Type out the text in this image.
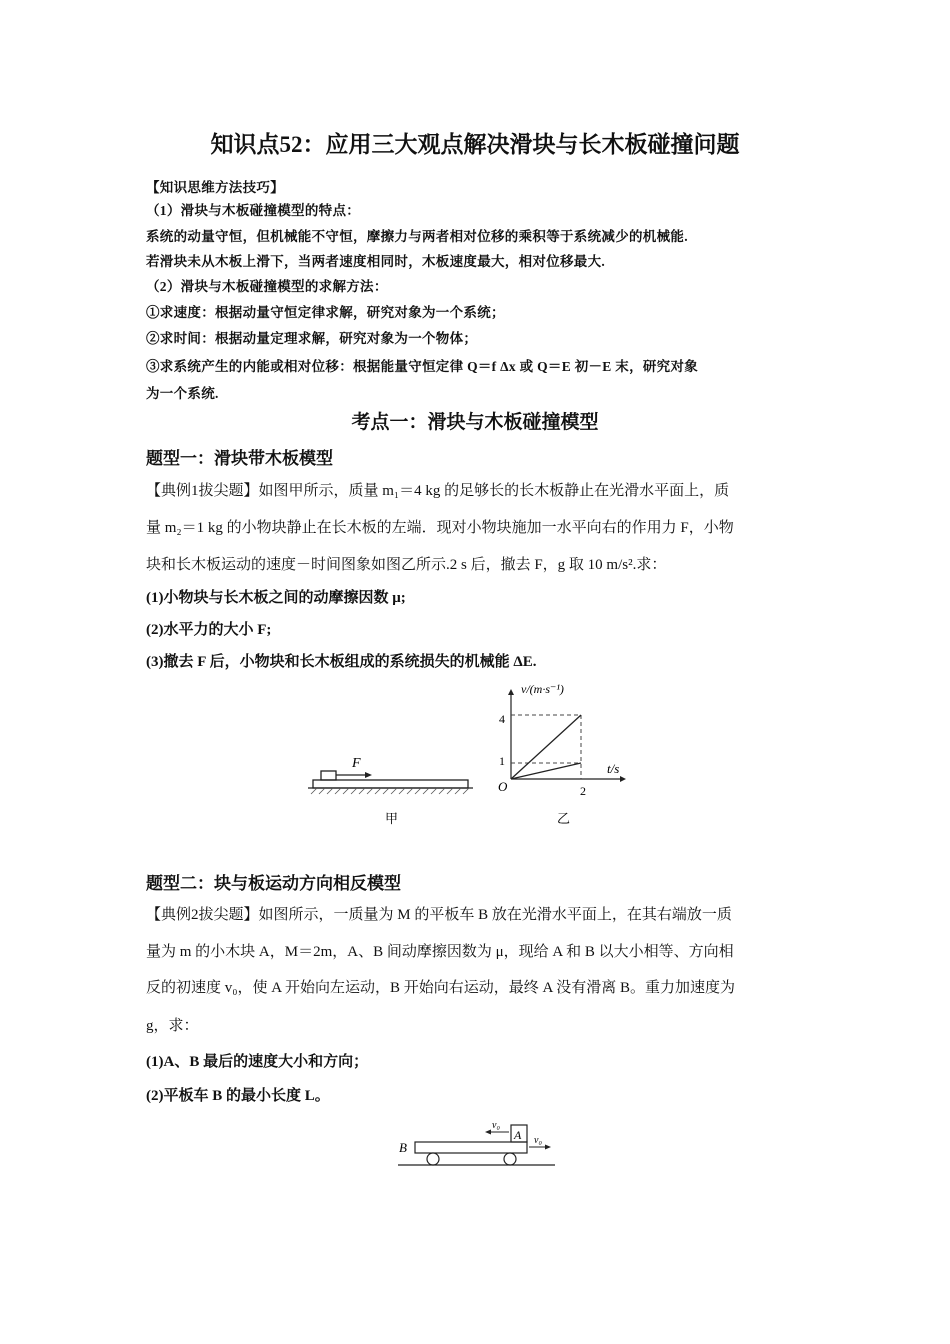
知识点52：应用三大观点解决滑块与长木板碰撞问题
【知识思维方法技巧】
（1）滑块与木板碰撞模型的特点：
系统的动量守恒，但机械能不守恒，摩擦力与两者相对位移的乘积等于系统减少的机械能.
若滑块未从木板上滑下，当两者速度相同时，木板速度最大，相对位移最大.
（2）滑块与木板碰撞模型的求解方法：
①求速度：根据动量守恒定律求解，研究对象为一个系统；
②求时间：根据动量定理求解，研究对象为一个物体；
③求系统产生的内能或相对位移：根据能量守恒定律 Q＝f Δx 或 Q＝E 初－E 末，研究对象
为一个系统.
考点一：滑块与木板碰撞模型
题型一：滑块带木板模型
【典例1拔尖题】如图甲所示，质量 m₁＝4 kg 的足够长的长木板静止在光滑水平面上，质
量 m₂＝1 kg 的小物块静止在长木板的左端．现对小物块施加一水平向右的作用力 F，小物
块和长木板运动的速度－时间图象如图乙所示.2 s 后，撤去 F，g 取 10 m/s².求：
(1)小物块与长木板之间的动摩擦因数 μ;
(2)水平力的大小 F;
(3)撤去 F 后，小物块和长木板组成的系统损失的机械能 ΔE.
F
甲
v/(m·s⁻¹)
t/s
O
4
1
2
乙
题型二：块与板运动方向相反模型
【典例2拔尖题】如图所示，一质量为 M 的平板车 B 放在光滑水平面上，在其右端放一质
量为 m 的小木块 A，M＝2m，A、B 间动摩擦因数为 μ，现给 A 和 B 以大小相等、方向相
反的初速度 v₀，使 A 开始向左运动，B 开始向右运动，最终 A 没有滑离 B。重力加速度为
g，求：
(1)A、B 最后的速度大小和方向；
(2)平板车 B 的最小长度 L。
B
A
v₀
v₀
